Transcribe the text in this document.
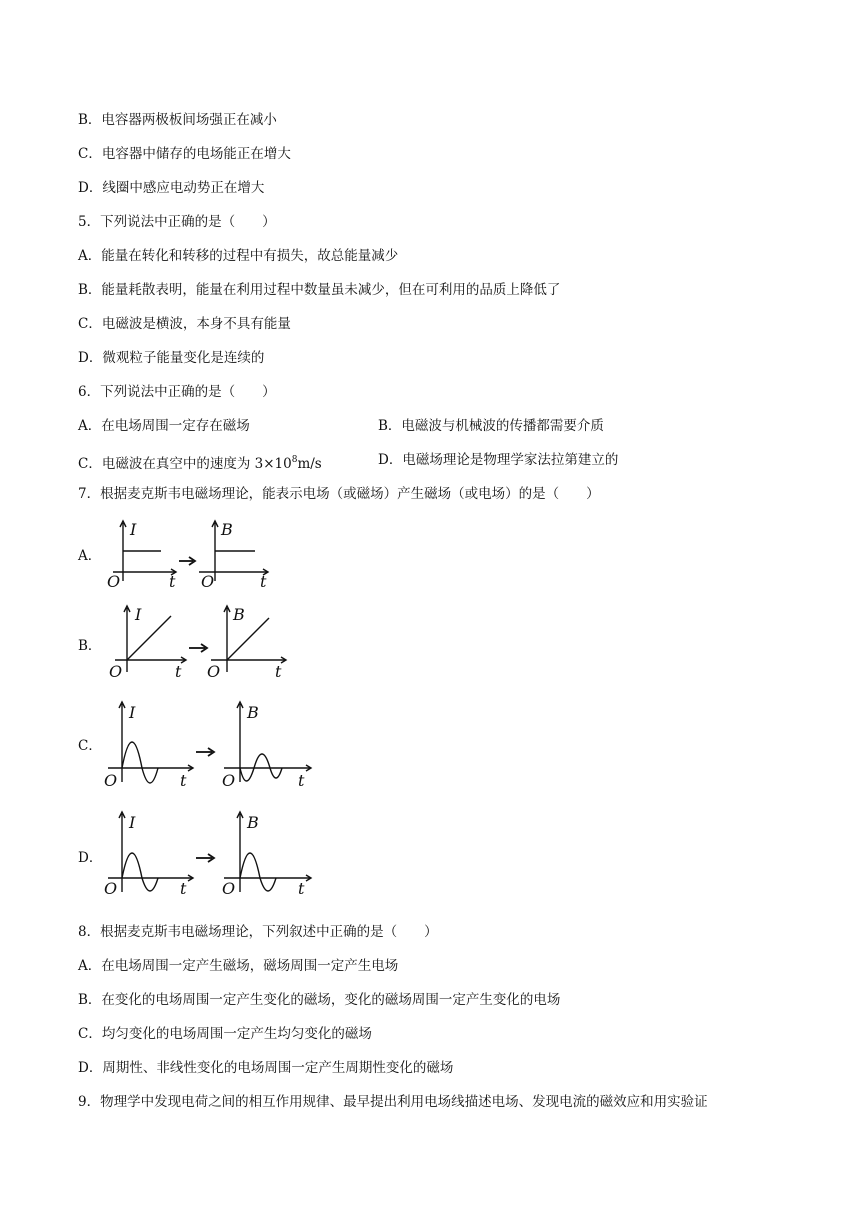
B．电容器两极板间场强正在减小
C．电容器中储存的电场能正在增大
D．线圈中感应电动势正在增大
5．下列说法中正确的是（　　）
A．能量在转化和转移的过程中有损失，故总能量减少
B．能量耗散表明，能量在利用过程中数量虽未减少，但在可利用的品质上降低了
C．电磁波是横波，本身不具有能量
D．微观粒子能量变化是连续的
6．下列说法中正确的是（　　）
A．在电场周围一定存在磁场	B．电磁波与机械波的传播都需要介质
C．电磁波在真空中的速度为 $3\times 10^8m/s$	D．电磁场理论是物理学家法拉第建立的
7．根据麦克斯韦电磁场理论，能表示电场（或磁场）产生磁场（或电场）的是（　　）
A．
I
O	t
B
O	t
B．
I
O	t
B
O	t
C．
I
O	t
B
O	t
D．
I
O	t
B
O	t
8．根据麦克斯韦电磁场理论，下列叙述中正确的是（　　）
A．在电场周围一定产生磁场，磁场周围一定产生电场
B．在变化的电场周围一定产生变化的磁场，变化的磁场周围一定产生变化的电场
C．均匀变化的电场周围一定产生均匀变化的磁场
D．周期性、非线性变化的电场周围一定产生周期性变化的磁场
9．物理学中发现电荷之间的相互作用规律、最早提出利用电场线描述电场、发现电流的磁效应和用实验证
